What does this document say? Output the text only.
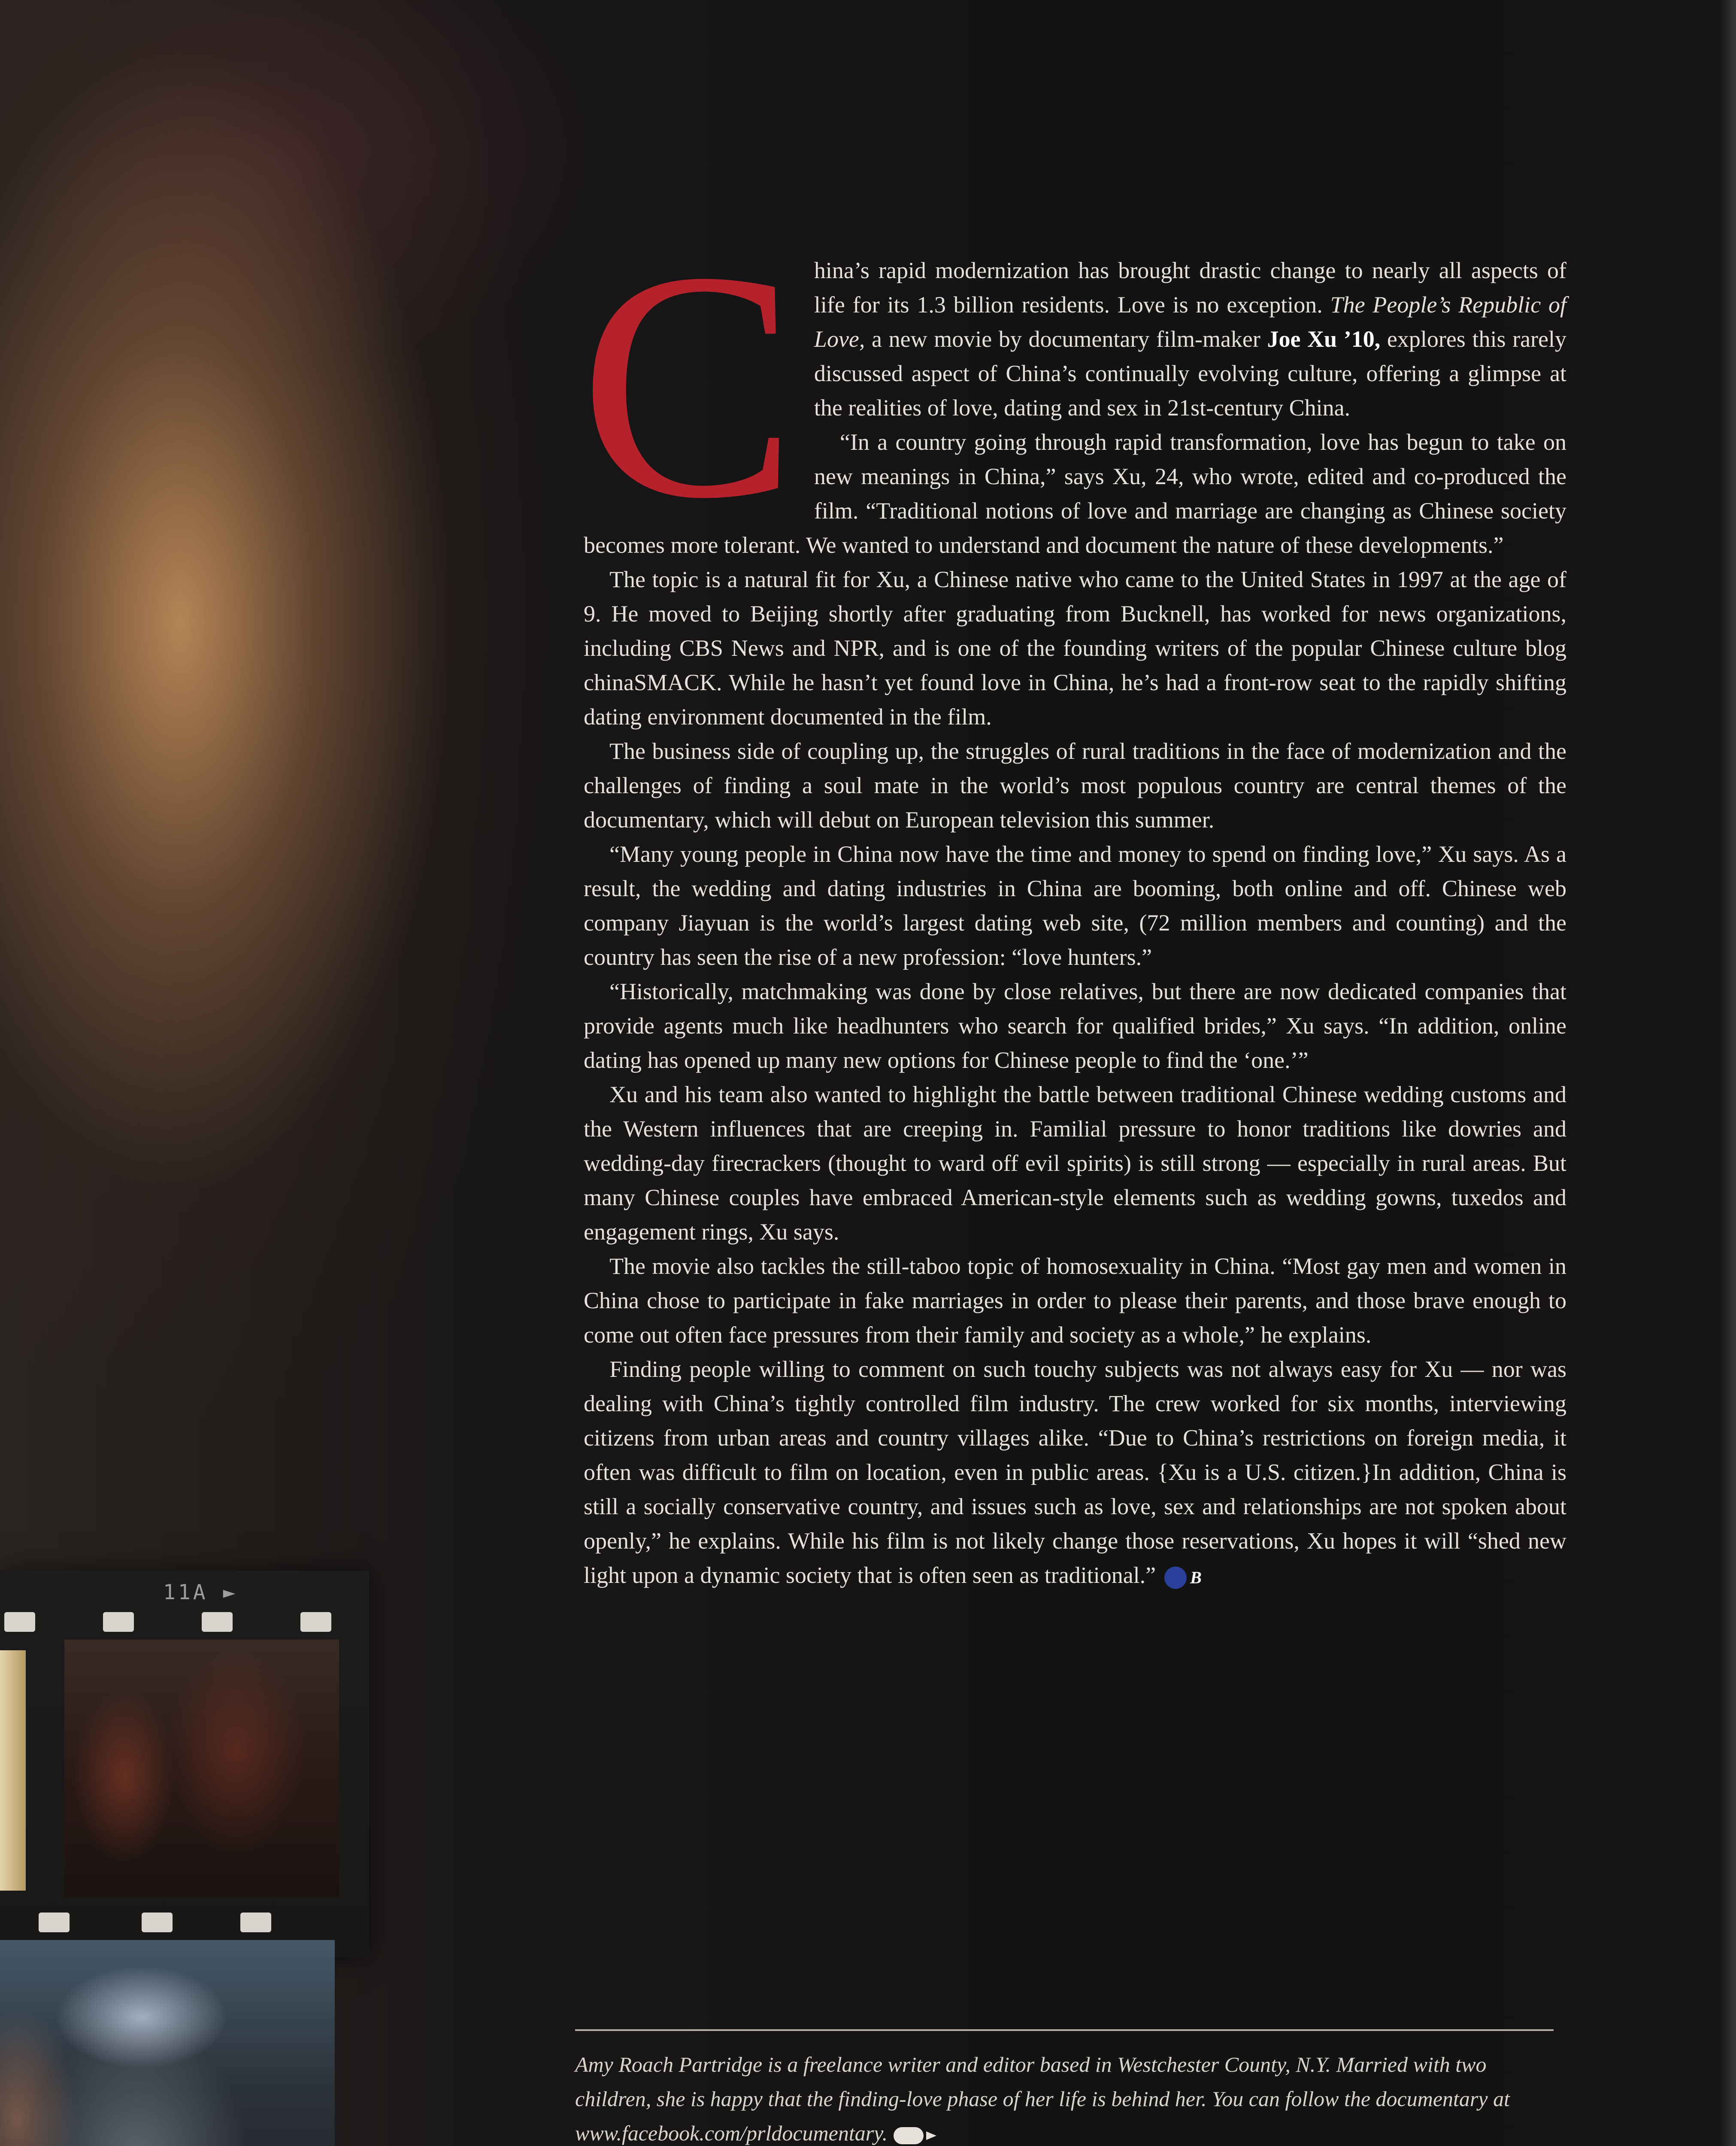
11A ►
C hina’s rapid modernization has brought drastic change to nearly all aspects of life for its 1.3 billion residents. Love is no exception. The People’s Republic of Love, a new movie by documentary film-maker Joe Xu ’10, explores this rarely discussed aspect of China’s continually evolving culture, offering a glimpse at the realities of love, dating and sex in 21st-century China.

“In a country going through rapid transformation, love has begun to take on new meanings in China,” says Xu, 24, who wrote, edited and co-produced the film. “Traditional notions of love and marriage are changing as Chinese society becomes more tolerant. We wanted to understand and document the nature of these developments.”

The topic is a natural fit for Xu, a Chinese native who came to the United States in 1997 at the age of 9. He moved to Beijing shortly after graduating from Bucknell, has worked for news organizations, including CBS News and NPR, and is one of the founding writers of the popular Chinese culture blog chinaSMACK. While he hasn’t yet found love in China, he’s had a front-row seat to the rapidly shifting dating environment documented in the film.

The business side of coupling up, the struggles of rural traditions in the face of modernization and the challenges of finding a soul mate in the world’s most populous country are central themes of the documentary, which will debut on European television this summer.

“Many young people in China now have the time and money to spend on finding love,” Xu says. As a result, the wedding and dating industries in China are booming, both online and off. Chinese web company Jiayuan is the world’s largest dating web site, (72 million members and counting) and the country has seen the rise of a new profession: “love hunters.”

“Historically, matchmaking was done by close relatives, but there are now dedicated companies that provide agents much like headhunters who search for qualified brides,” Xu says. “In addition, online dating has opened up many new options for Chinese people to find the ‘one.’”

Xu and his team also wanted to highlight the battle between traditional Chinese wedding customs and the Western influences that are creeping in. Familial pressure to honor traditions like dowries and wedding-day firecrackers (thought to ward off evil spirits) is still strong — especially in rural areas. But many Chinese couples have embraced American-style elements such as wedding gowns, tuxedos and engagement rings, Xu says.

The movie also tackles the still-taboo topic of homosexuality in China. “Most gay men and women in China chose to participate in fake marriages in order to please their parents, and those brave enough to come out often face pressures from their family and society as a whole,” he explains.

Finding people willing to comment on such touchy subjects was not always easy for Xu — nor was dealing with China’s tightly controlled film industry. The crew worked for six months, interviewing citizens from urban areas and country villages alike. “Due to China’s restrictions on foreign media, it often was difficult to film on location, even in public areas. {Xu is a U.S. citizen.}In addition, China is still a socially conservative country, and issues such as love, sex and relationships are not spoken about openly,” he explains. While his film is not likely change those reservations, Xu hopes it will “shed new light upon a dynamic society that is often seen as traditional.” B

Amy Roach Partridge is a freelance writer and editor based in Westchester County, N.Y. Married with two children, she is happy that the finding-love phase of her life is behind her. You can follow the documentary at www.facebook.com/prldocumentary.
